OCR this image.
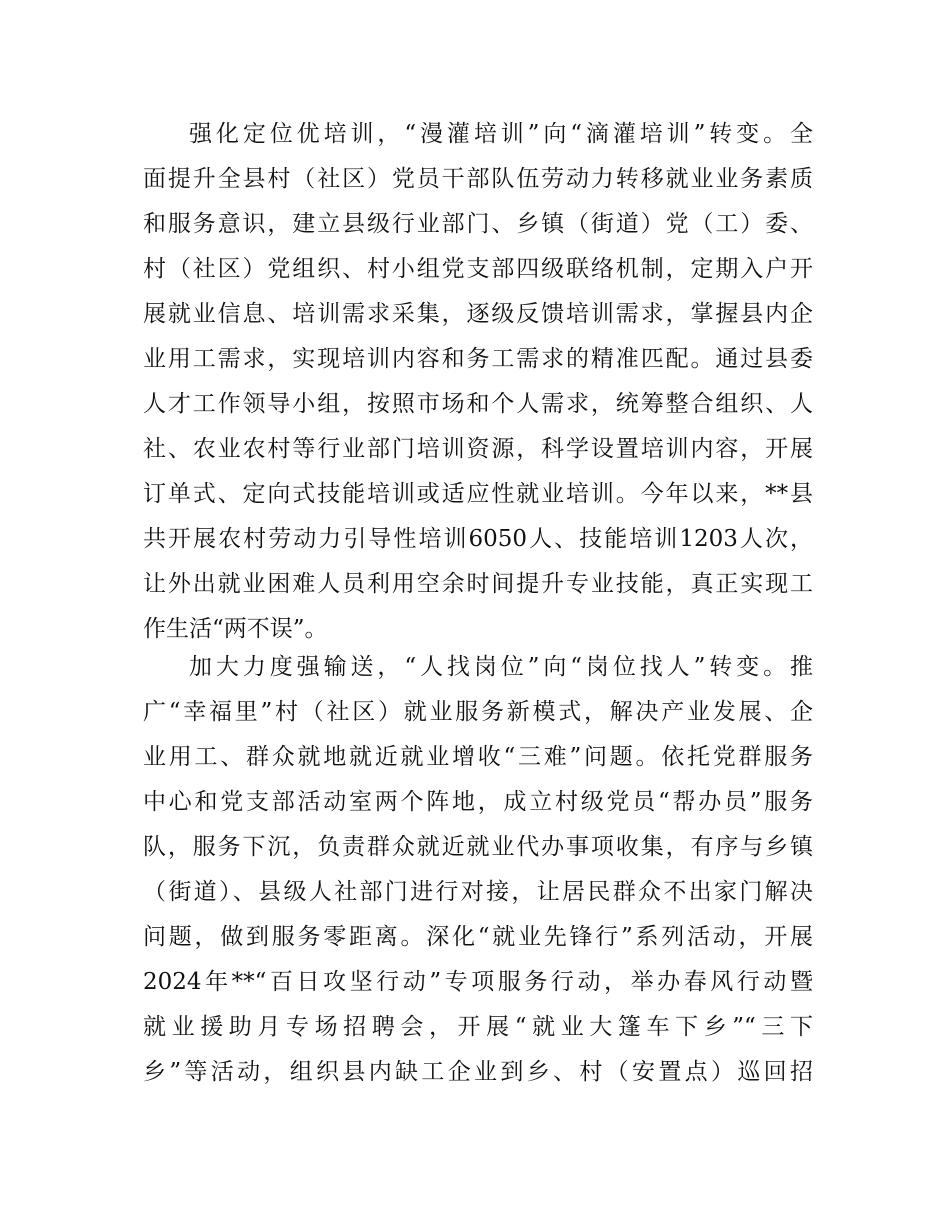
强化定位优培训，“漫灌培训”向“滴灌培训”转变。全
面提升全县村（社区）党员干部队伍劳动力转移就业业务素质
和服务意识，建立县级行业部门、乡镇（街道）党（工）委、
村（社区）党组织、村小组党支部四级联络机制，定期入户开
展就业信息、培训需求采集，逐级反馈培训需求，掌握县内企
业用工需求，实现培训内容和务工需求的精准匹配。通过县委
人才工作领导小组，按照市场和个人需求，统筹整合组织、人
社、农业农村等行业部门培训资源，科学设置培训内容，开展
订单式、定向式技能培训或适应性就业培训。今年以来，**县
共开展农村劳动力引导性培训6050人、技能培训1203人次，
让外出就业困难人员利用空余时间提升专业技能，真正实现工
作生活“两不误”。
加大力度强输送，“人找岗位”向“岗位找人”转变。推
广“幸福里”村（社区）就业服务新模式，解决产业发展、企
业用工、群众就地就近就业增收“三难”问题。依托党群服务
中心和党支部活动室两个阵地，成立村级党员“帮办员”服务
队，服务下沉，负责群众就近就业代办事项收集，有序与乡镇
（街道）、县级人社部门进行对接，让居民群众不出家门解决
问题，做到服务零距离。深化“就业先锋行”系列活动，开展
2024年**“百日攻坚行动”专项服务行动，举办春风行动暨
就业援助月专场招聘会，开展“就业大篷车下乡”“三下
乡”等活动，组织县内缺工企业到乡、村（安置点）巡回招
